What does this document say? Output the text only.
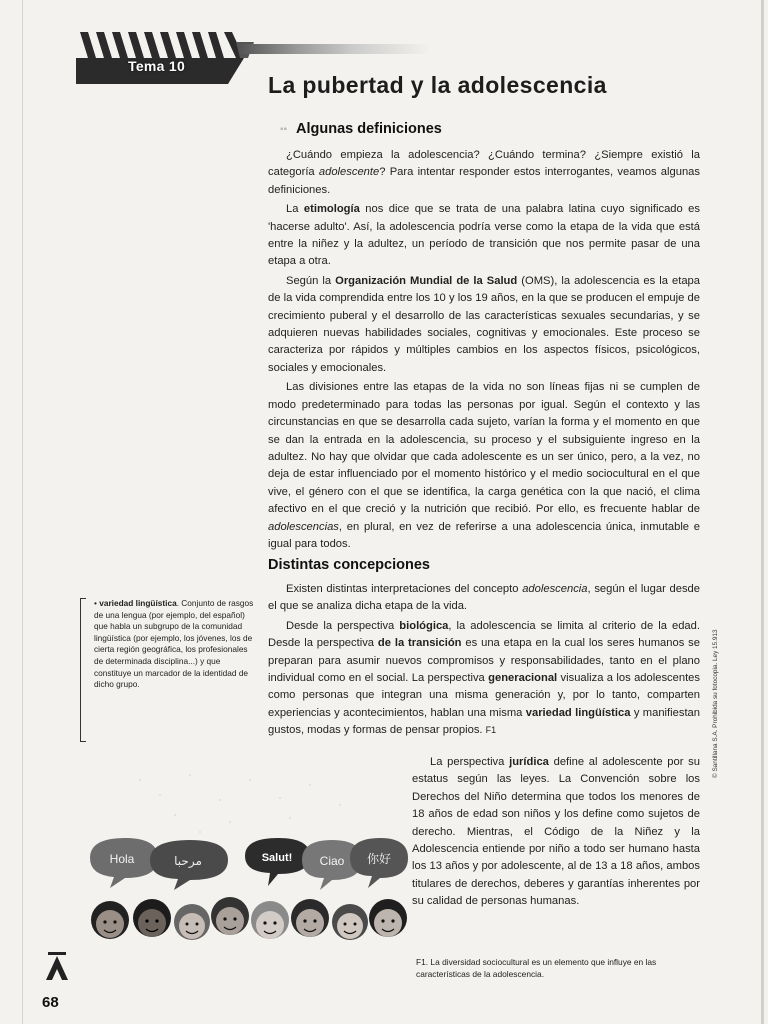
Tema 10
La pubertad y la adolescencia
▪▪ Algunas definiciones

¿Cuándo empieza la adolescencia? ¿Cuándo termina? ¿Siempre existió la categoría adolescente? Para intentar responder estos interrogantes, veamos algunas definiciones.

La etimología nos dice que se trata de una palabra latina cuyo significado es 'hacerse adulto'. Así, la adolescencia podría verse como la etapa de la vida que está entre la niñez y la adultez, un período de transición que nos permite pasar de una etapa a otra.

Según la Organización Mundial de la Salud (OMS), la adolescencia es la etapa de la vida comprendida entre los 10 y los 19 años, en la que se producen el empuje de crecimiento puberal y el desarrollo de las características sexuales secundarias, y se adquieren nuevas habilidades sociales, cognitivas y emocionales. Este proceso se caracteriza por rápidos y múltiples cambios en los aspectos físicos, psicológicos, sociales y emocionales.

Las divisiones entre las etapas de la vida no son líneas fijas ni se cumplen de modo predeterminado para todas las personas por igual. Según el contexto y las circunstancias en que se desarrolla cada sujeto, varían la forma y el momento en que se dan la entrada en la adolescencia, su proceso y el subsiguiente ingreso en la adultez. No hay que olvidar que cada adolescente es un ser único, pero, a la vez, no deja de estar influenciado por el momento histórico y el medio sociocultural en el que vive, el género con el que se identifica, la carga genética con la que nació, el clima afectivo en el que creció y la nutrición que recibió. Por ello, es frecuente hablar de adolescencias, en plural, en vez de referirse a una adolescencia única, inmutable e igual para todos.

Distintas concepciones

Existen distintas interpretaciones del concepto adolescencia, según el lugar desde el que se analiza dicha etapa de la vida.

Desde la perspectiva biológica, la adolescencia se limita al criterio de la edad. Desde la perspectiva de la transición es una etapa en la cual los seres humanos se preparan para asumir nuevos compromisos y responsabilidades, tanto en el plano individual como en el social. La perspectiva generacional visualiza a los adolescentes como personas que integran una misma generación y, por lo tanto, comparten experiencias y acontecimientos, hablan una misma variedad lingüística y manifiestan gustos, modas y formas de pensar propios. F1

La perspectiva jurídica define al adolescente por su estatus según las leyes. La Convención sobre los Derechos del Niño determina que todos los menores de 18 años de edad son niños y los define como sujetos de derecho. Mientras, el Código de la Niñez y la Adolescencia entiende por niño a todo ser humano hasta los 13 años y por adolescente, al de 13 a 18 años, ambos titulares de derechos, deberes y garantías inherentes por su calidad de personas humanas.

• variedad lingüística. Conjunto de rasgos de una lengua (por ejemplo, del español) que habla un subgrupo de la comunidad lingüística (por ejemplo, los jóvenes, los de cierta región geográfica, los profesionales de determinada disciplina...) y que constituye un marcador de la identidad de dicho grupo.
Hola	مرحبا	Salut! Ciao 你好
F1. La diversidad sociocultural es un elemento que influye en las características de la adolescencia.
68
© Santillana S.A. Prohibida su fotocopia. Ley 15.913
